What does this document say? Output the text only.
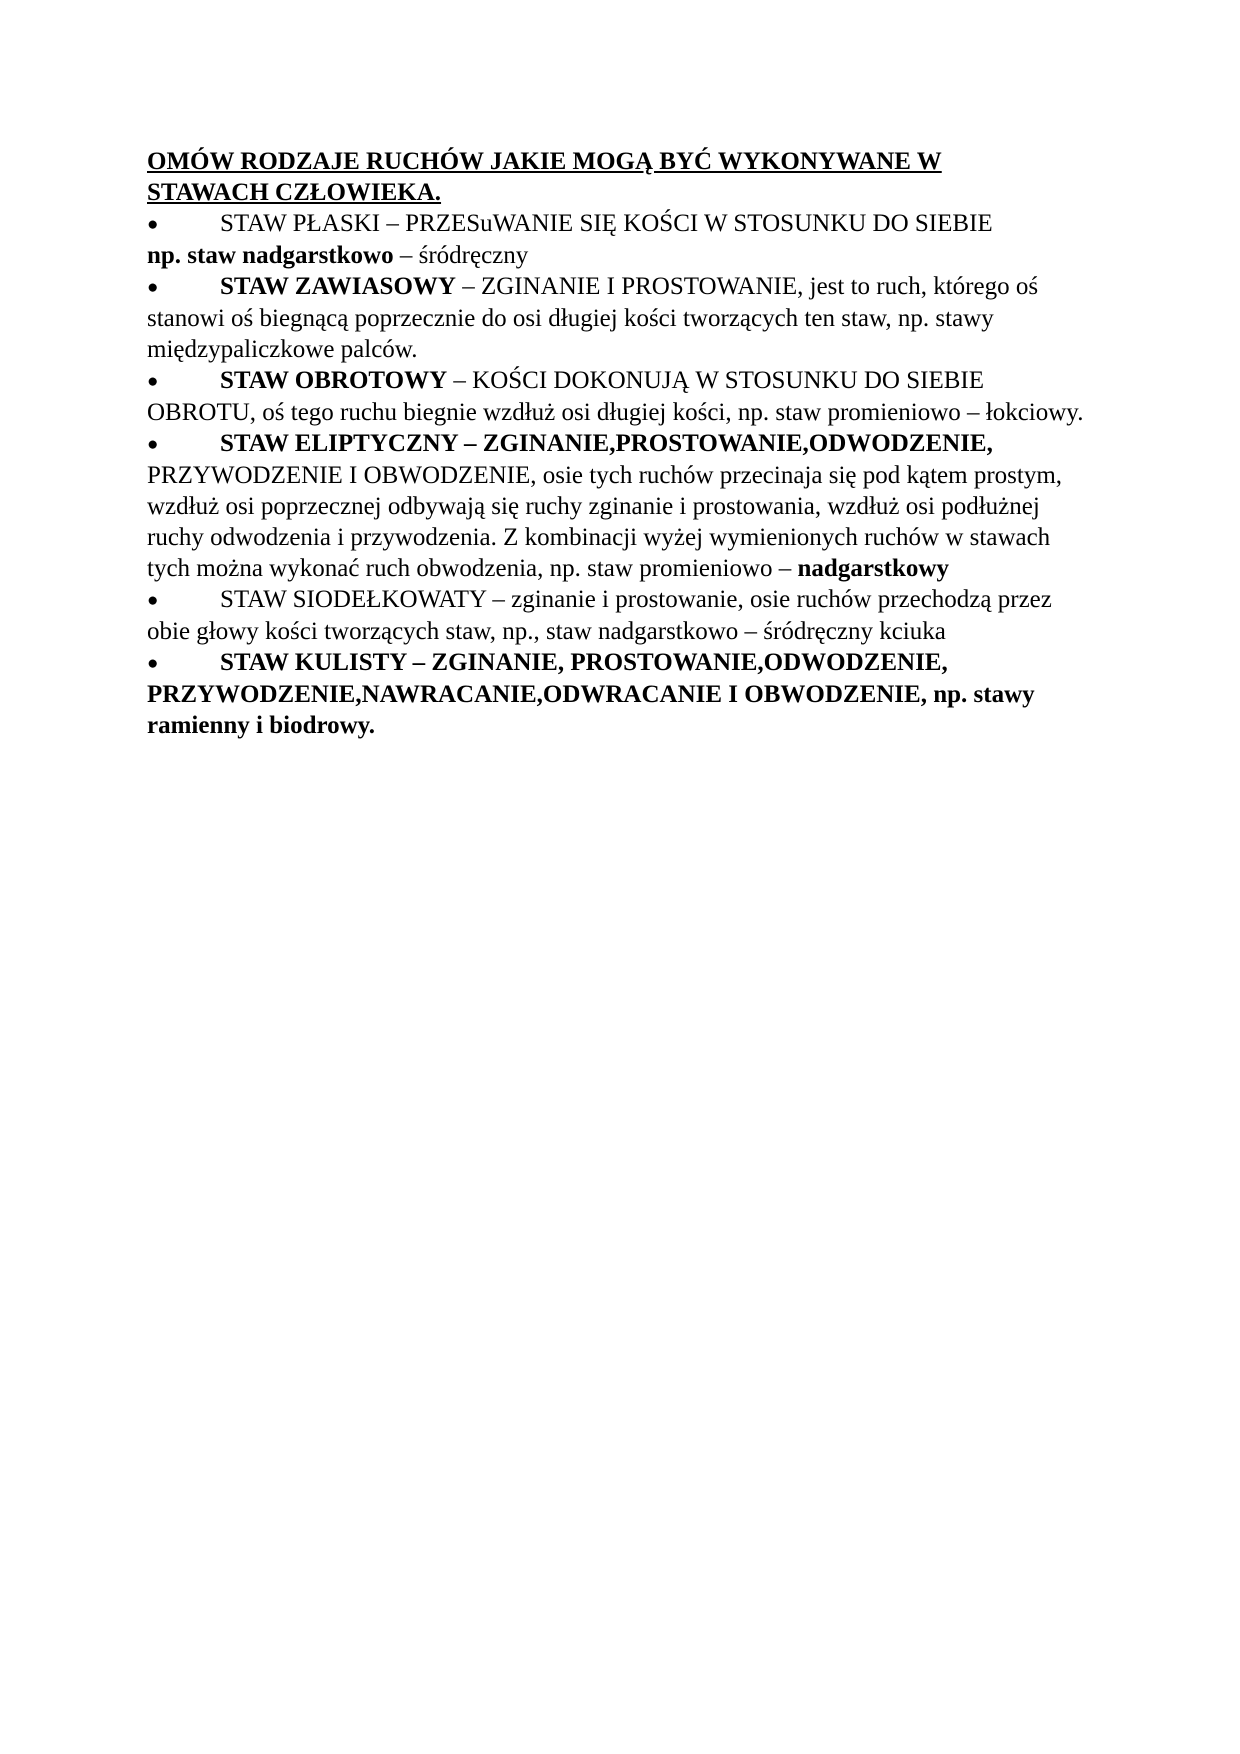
OMÓW RODZAJE RUCHÓW JAKIE MOGĄ BYĆ WYKONYWANE W
STAWACH CZŁOWIEKA.

● STAW PŁASKI – PRZESuWANIE SIĘ KOŚCI W STOSUNKU DO SIEBIE
np. staw nadgarstkowo – śródręczny
● STAW ZAWIASOWY – ZGINANIE I PROSTOWANIE, jest to ruch, którego oś stanowi oś biegnącą poprzecznie do osi długiej kości tworzących ten staw, np. stawy międzypaliczkowe palców.
● STAW OBROTOWY – KOŚCI DOKONUJĄ W STOSUNKU DO SIEBIE OBROTU, oś tego ruchu biegnie wzdłuż osi długiej kości, np. staw promieniowo – łokciowy.
● STAW ELIPTYCZNY – ZGINANIE,PROSTOWANIE,ODWODZENIE, PRZYWODZENIE I OBWODZENIE, osie tych ruchów przecinaja się pod kątem prostym, wzdłuż osi poprzecznej odbywają się ruchy zginanie i prostowania, wzdłuż osi podłużnej ruchy odwodzenia i przywodzenia. Z kombinacji wyżej wymienionych ruchów w stawach tych można wykonać ruch obwodzenia, np. staw promieniowo – nadgarstkowy
● STAW SIODEŁKOWATY – zginanie i prostowanie, osie ruchów przechodzą przez obie głowy kości tworzących staw, np., staw nadgarstkowo – śródręczny kciuka
● STAW KULISTY – ZGINANIE, PROSTOWANIE,ODWODZENIE, PRZYWODZENIE,NAWRACANIE,ODWRACANIE I OBWODZENIE, np. stawy ramienny i biodrowy.
